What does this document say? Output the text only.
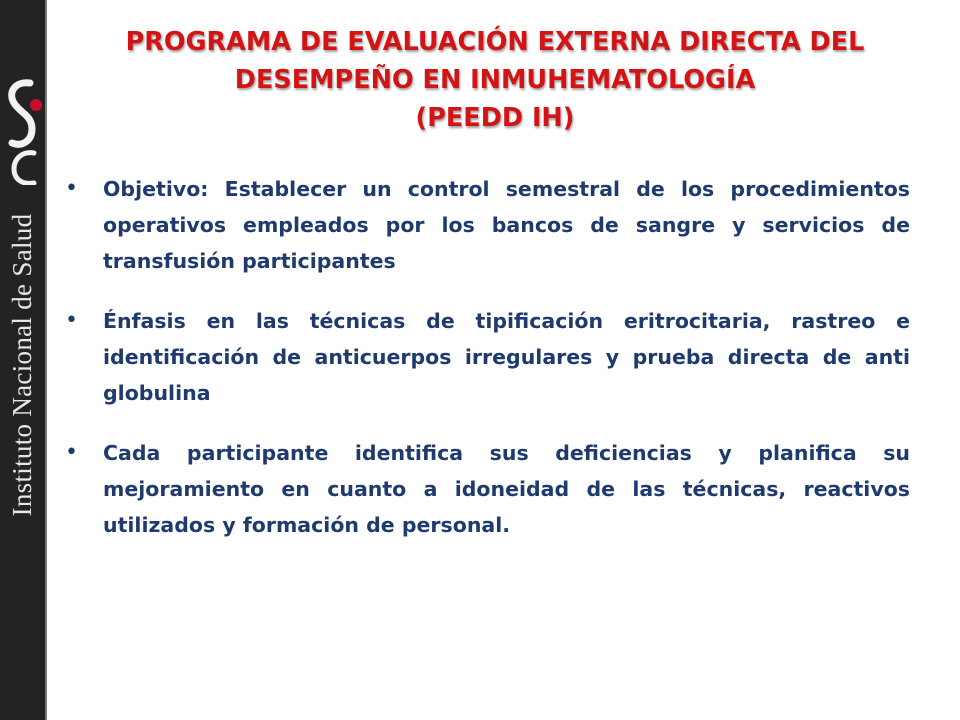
Instituto Nacional de Salud
PROGRAMA DE EVALUACIÓN EXTERNA DIRECTA DEL
DESEMPEÑO EN INMUHEMATOLOGÍA
(PEEDD IH)
• Objetivo: Establecer un control semestral de los procedimientos operativos empleados por los bancos de sangre y servicios de transfusión participantes
• Énfasis en las técnicas de tipificación eritrocitaria, rastreo e identificación de anticuerpos irregulares y prueba directa de anti globulina
• Cada participante identifica sus deficiencias y planifica su mejoramiento en cuanto a idoneidad de las técnicas, reactivos utilizados y formación de personal.
